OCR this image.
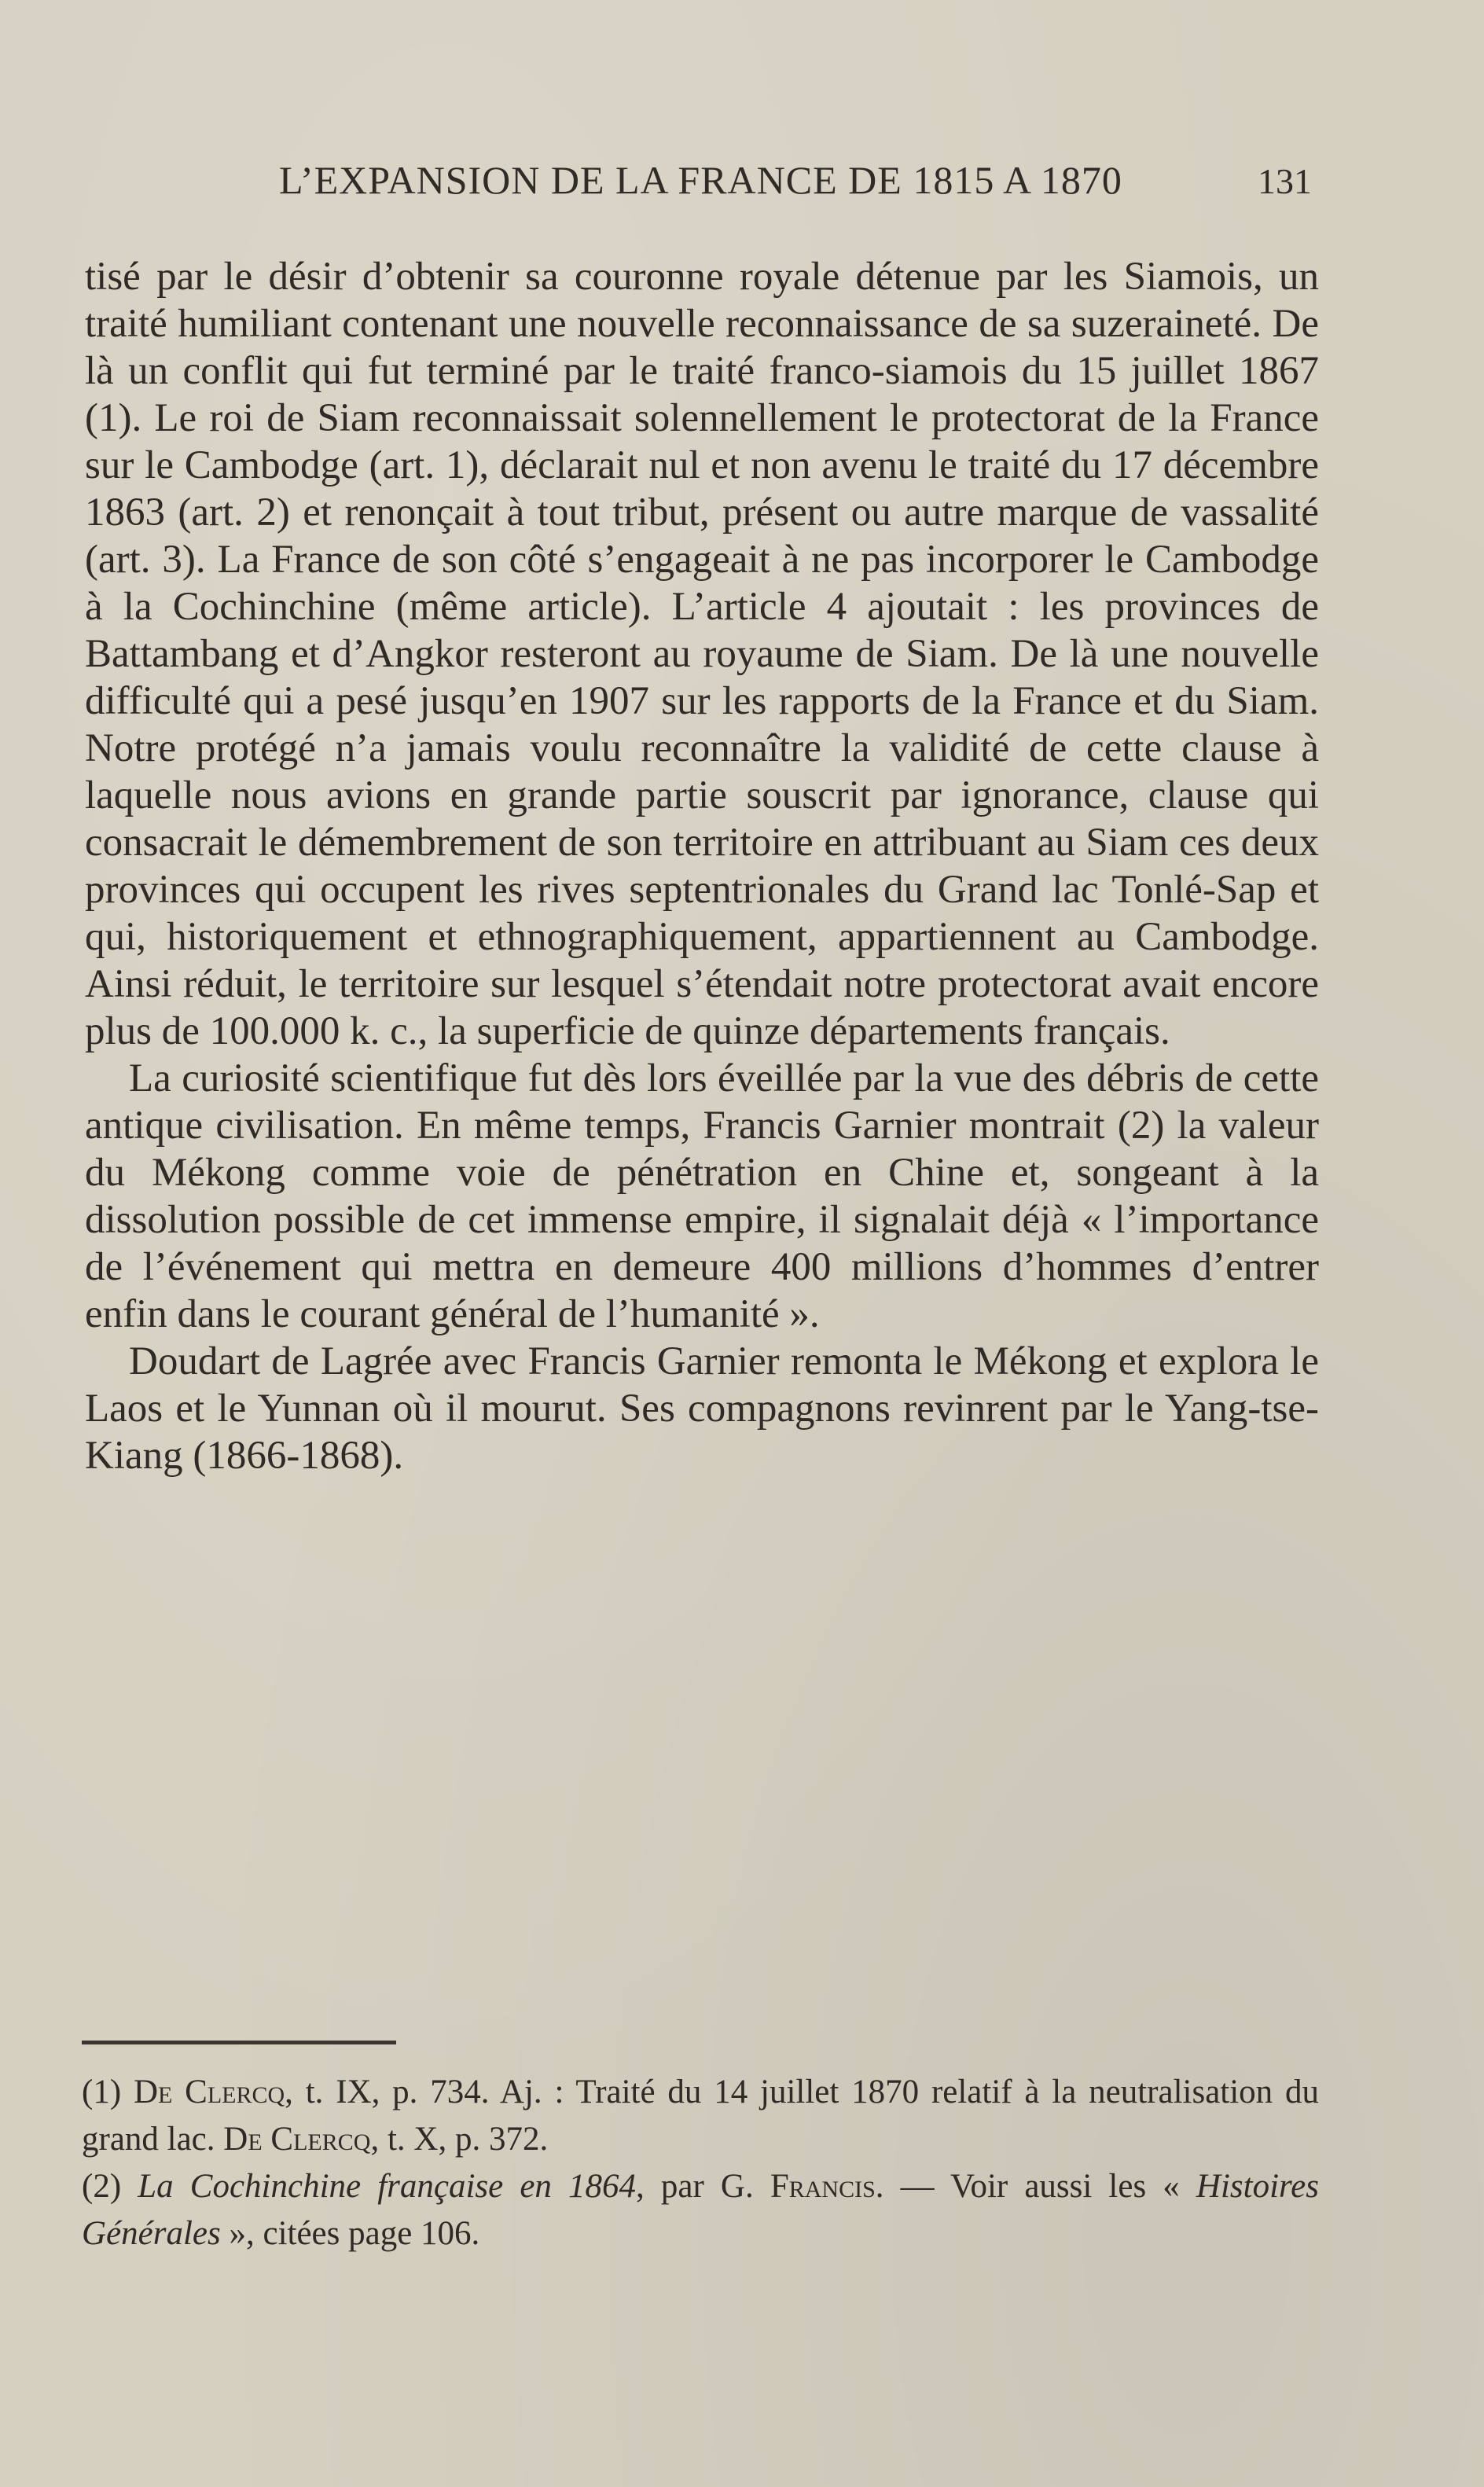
L’EXPANSION DE LA FRANCE DE 1815 A 1870	131

tisé par le désir d’obtenir sa couronne royale détenue par les Siamois, un traité humiliant contenant une nouvelle reconnaissance de sa suzeraineté. De là un conflit qui fut terminé par le traité franco-siamois du 15 juillet 1867 (1). Le roi de Siam reconnaissait solennellement le protectorat de la France sur le Cambodge (art. 1), déclarait nul et non avenu le traité du 17 décembre 1863 (art. 2) et renonçait à tout tribut, présent ou autre marque de vassalité (art. 3). La France de son côté s’engageait à ne pas incorporer le Cambodge à la Cochinchine (même article). L’article 4 ajoutait : les provinces de Battambang et d’Angkor resteront au royaume de Siam. De là une nouvelle difficulté qui a pesé jusqu’en 1907 sur les rapports de la France et du Siam. Notre protégé n’a jamais voulu reconnaître la validité de cette clause à laquelle nous avions en grande partie souscrit par ignorance, clause qui consacrait le démembrement de son territoire en attribuant au Siam ces deux provinces qui occupent les rives septentrionales du Grand lac Tonlé-Sap et qui, historiquement et ethnographiquement, appartiennent au Cambodge. Ainsi réduit, le territoire sur lesquel s’étendait notre protectorat avait encore plus de 100.000 k. c., la superficie de quinze départements français.

La curiosité scientifique fut dès lors éveillée par la vue des débris de cette antique civilisation. En même temps, Francis Garnier montrait (2) la valeur du Mékong comme voie de pénétration en Chine et, songeant à la dissolution possible de cet immense empire, il signalait déjà « l’importance de l’événement qui mettra en demeure 400 millions d’hommes d’entrer enfin dans le courant général de l’humanité ».

Doudart de Lagrée avec Francis Garnier remonta le Mékong et explora le Laos et le Yunnan où il mourut. Ses compagnons revinrent par le Yang-tse-Kiang (1866-1868).

(1) De Clercq, t. IX, p. 734. Aj. : Traité du 14 juillet 1870 relatif à la neutralisation du grand lac. De Clercq, t. X, p. 372.

(2) La Cochinchine française en 1864, par G. Francis. — Voir aussi les « Histoires Générales », citées page 106.
